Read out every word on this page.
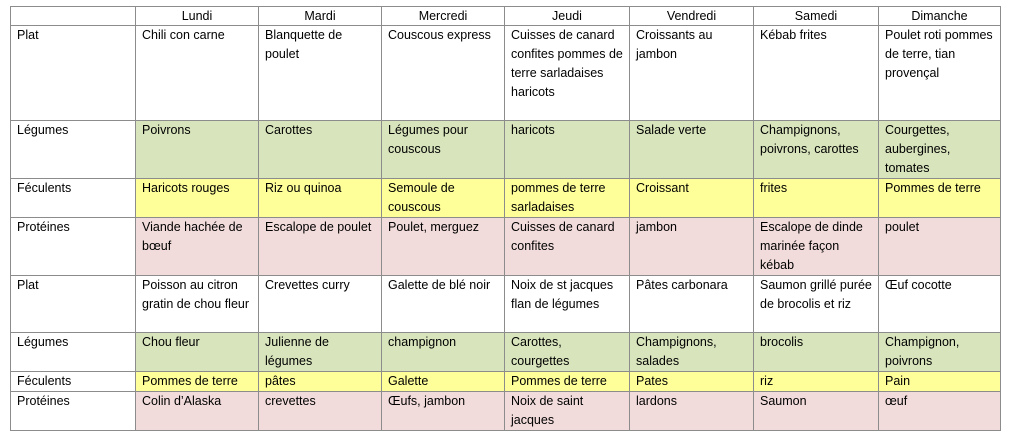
	Lundi	Mardi	Mercredi	Jeudi	Vendredi	Samedi	Dimanche
Plat	Chili con carne	Blanquette de poulet	Couscous express	Cuisses de canard confites pommes de terre sarladaises haricots	Croissants au jambon	Kébab frites	Poulet roti pommes de terre, tian provençal
Légumes	Poivrons	Carottes	Légumes pour couscous	haricots	Salade verte	Champignons, poivrons, carottes	Courgettes, aubergines, tomates
Féculents	Haricots rouges	Riz ou quinoa	Semoule de couscous	pommes de terre sarladaises	Croissant	frites	Pommes de terre
Protéines	Viande hachée de bœuf	Escalope de poulet	Poulet, merguez	Cuisses de canard confites	jambon	Escalope de dinde marinée façon kébab	poulet
Plat	Poisson au citron gratin de chou fleur	Crevettes curry	Galette de blé noir	Noix de st jacques flan de légumes	Pâtes carbonara	Saumon grillé purée de brocolis et riz	Œuf cocotte
Légumes	Chou fleur	Julienne de légumes	champignon	Carottes, courgettes	Champignons, salades	brocolis	Champignon, poivrons
Féculents	Pommes de terre	pâtes	Galette	Pommes de terre	Pates	riz	Pain
Protéines	Colin d’Alaska	crevettes	Œufs, jambon	Noix de saint jacques	lardons	Saumon	œuf
